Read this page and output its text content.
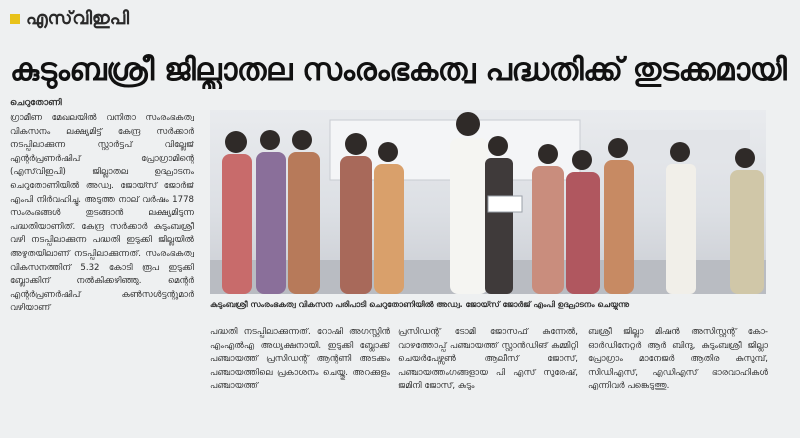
എസ്‌വിഇപി
കുടുംബശ്രീ ജില്ലാതല സംരംഭകത്വ പദ്ധതിക്ക് തുടക്കമായി
ചെറുതോണി
ഗ്രാമീണ മേഖലയിൽ വനിതാ സംരംഭകത്വ വികസനം ലക്ഷ്യമിട്ട് കേന്ദ്ര സർക്കാർ നടപ്പിലാക്കുന്ന സ്റ്റാർട്ടപ് വില്ലേജ് എന്റർപ്രണർഷിപ് പ്രോഗ്രാമിന്റെ (എസ്‌വിഇപി) ജില്ലാതല ഉദ്ഘാടനം ചെറുതോണിയിൽ അഡ്വ. ജോയ്സ് ജോർജ് എംപി നിർവഹിച്ചു. അടുത്ത നാല് വർഷം 1778 സംരംഭങ്ങൾ തുടങ്ങാൻ ലക്ഷ്യമിടുന്ന പദ്ധതിയാണിത്. കേന്ദ്ര സർക്കാർ കുടുംബശ്രീ വഴി നടപ്പിലാക്കുന്ന പദ്ധതി ഇടുക്കി ജില്ലയിൽ അഴുതയിലാണ് നടപ്പിലാക്കുന്നത്. സംരംഭകത്വ വികസനത്തിന് 5.32 കോടി രൂപ ഇടുക്കി ബ്ലോക്കിന് നൽകിക്കഴിഞ്ഞു. മെന്റർ എന്റർപ്രണർഷിപ് കൺസൾട്ടന്റുമാർ വഴിയാണ്	കുടുംബശ്രീ സംരംഭകത്വ വികസന പരിപാടി ചെറുതോണിയിൽ അഡ്വ. ജോയ്സ് ജോർജ് എംപി ഉദ്ഘാടനം ചെയ്യുന്നു
പദ്ധതി നടപ്പിലാക്കുന്നത്. റോഷി അഗസ്റ്റിൻ എംഎൽഎ അധ്യക്ഷനായി. ഇടുക്കി ബ്ലോക്ക് പഞ്ചായത്ത് പ്രസിഡന്റ് ആന്റണി അടക്കം പഞ്ചായത്തിലെ പ്രകാശനം ചെയ്തു. അറക്കുളം പഞ്ചായത്ത്
പ്രസിഡന്റ് ടോമി ജോസഫ് കുന്നേൽ, വാഴത്തോപ്പ് പഞ്ചായത്ത് സ്റ്റാൻഡിങ് കമ്മിറ്റി ചെയർപേഴ്സൺ ആലീസ് ജോസ്, പഞ്ചായത്തംഗങ്ങളായ പി എസ് സുരേഷ്, ജമിനി ജോസ്, കുടും
ബശ്രീ ജില്ലാ മിഷൻ അസിസ്റ്റന്റ് കോ-ഓർഡിനേറ്റർ ആർ ബിന്ദു, കുടുംബശ്രീ ജില്ലാ പ്രോഗ്രാം മാനേജർ ആതിര കുസുമ്പ്, സിഡിഎസ്, എഡിഎസ് ഭാരവാഹികൾ എന്നിവർ പങ്കെടുത്തു.
